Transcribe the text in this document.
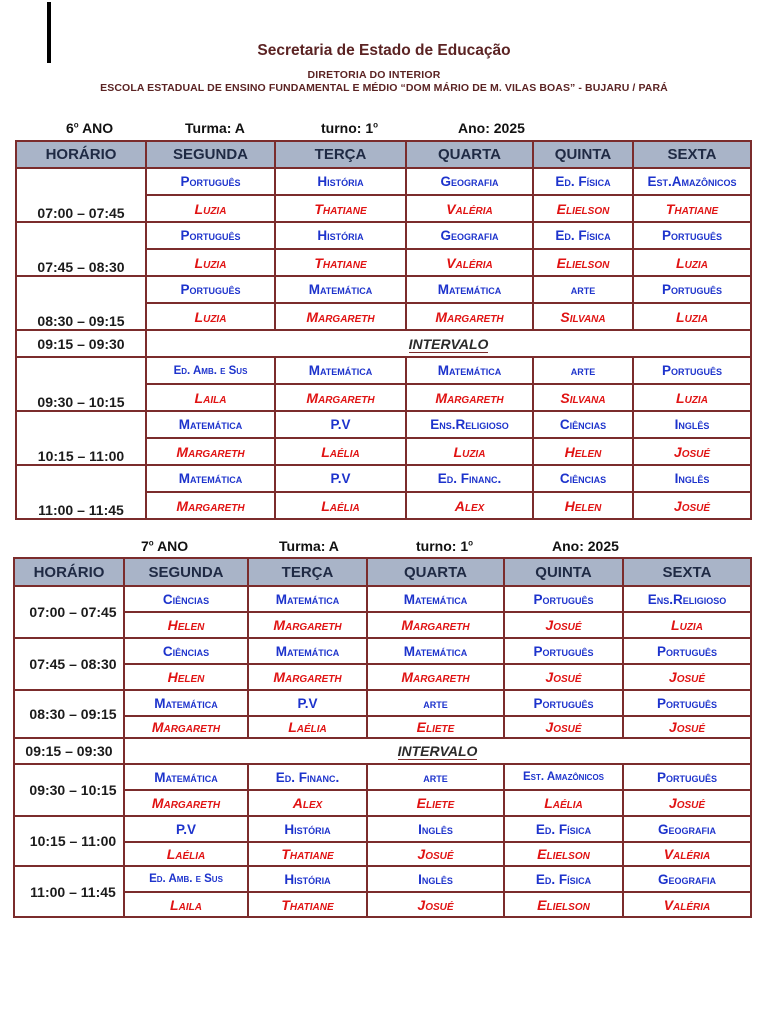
Secretaria de Estado de Educação
DIRETORIA DO INTERIOR
ESCOLA ESTADUAL DE ENSINO FUNDAMENTAL E MÉDIO “DOM MÁRIO DE M. VILAS BOAS” - BUJARU / PARÁ
6$^o$ ANO	Turma: A	turno: 1$^o$	Ano: 2025
HORÁRIO	SEGUNDA	TERÇA	QUARTA	QUINTA	SEXTA
07:00 – 07:45	Português	História	Geografia	Ed. Física	Est.Amazônicos
	Luzia	Thatiane	Valéria	Elielson	Thatiane
07:45 – 08:30	Português	História	Geografia	Ed. Física	Português
	Luzia	Thatiane	Valéria	Elielson	Luzia
08:30 – 09:15	Português	Matemática	Matemática	arte	Português
	Luzia	Margareth	Margareth	Silvana	Luzia
09:15 – 09:30	INTERVALO				
09:30 – 10:15	Ed. Amb. e Sus	Matemática	Matemática	arte	Português
	Laila	Margareth	Margareth	Silvana	Luzia
10:15 – 11:00	Matemática	P.V	Ens.Religioso	Ciências	Inglês
	Margareth	Laélia	Luzia	Helen	Josué
11:00 – 11:45	Matemática	P.V	Ed. Financ.	Ciências	Inglês
	Margareth	Laélia	Alex	Helen	Josué
7$^o$ ANO	Turma: A	turno: 1$^o$	Ano: 2025
HORÁRIO	SEGUNDA	TERÇA	QUARTA	QUINTA	SEXTA
07:00 – 07:45	Ciências	Matemática	Matemática	Português	Ens.Religioso
	Helen	Margareth	Margareth	Josué	Luzia
07:45 – 08:30	Ciências	Matemática	Matemática	Português	Português
	Helen	Margareth	Margareth	Josué	Josué
08:30 – 09:15	Matemática	P.V	arte	Português	Português
	Margareth	Laélia	Eliete	Josué	Josué
09:15 – 09:30	INTERVALO				
09:30 – 10:15	Matemática	Ed. Financ.	arte	Est. Amazônicos	Português
	Margareth	Alex	Eliete	Laélia	Josué
10:15 – 11:00	P.V	História	Inglês	Ed. Física	Geografia
	Laélia	Thatiane	Josué	Elielson	Valéria
11:00 – 11:45	Ed. Amb. e Sus	História	Inglês	Ed. Física	Geografia
	Laila	Thatiane	Josué	Elielson	Valéria
